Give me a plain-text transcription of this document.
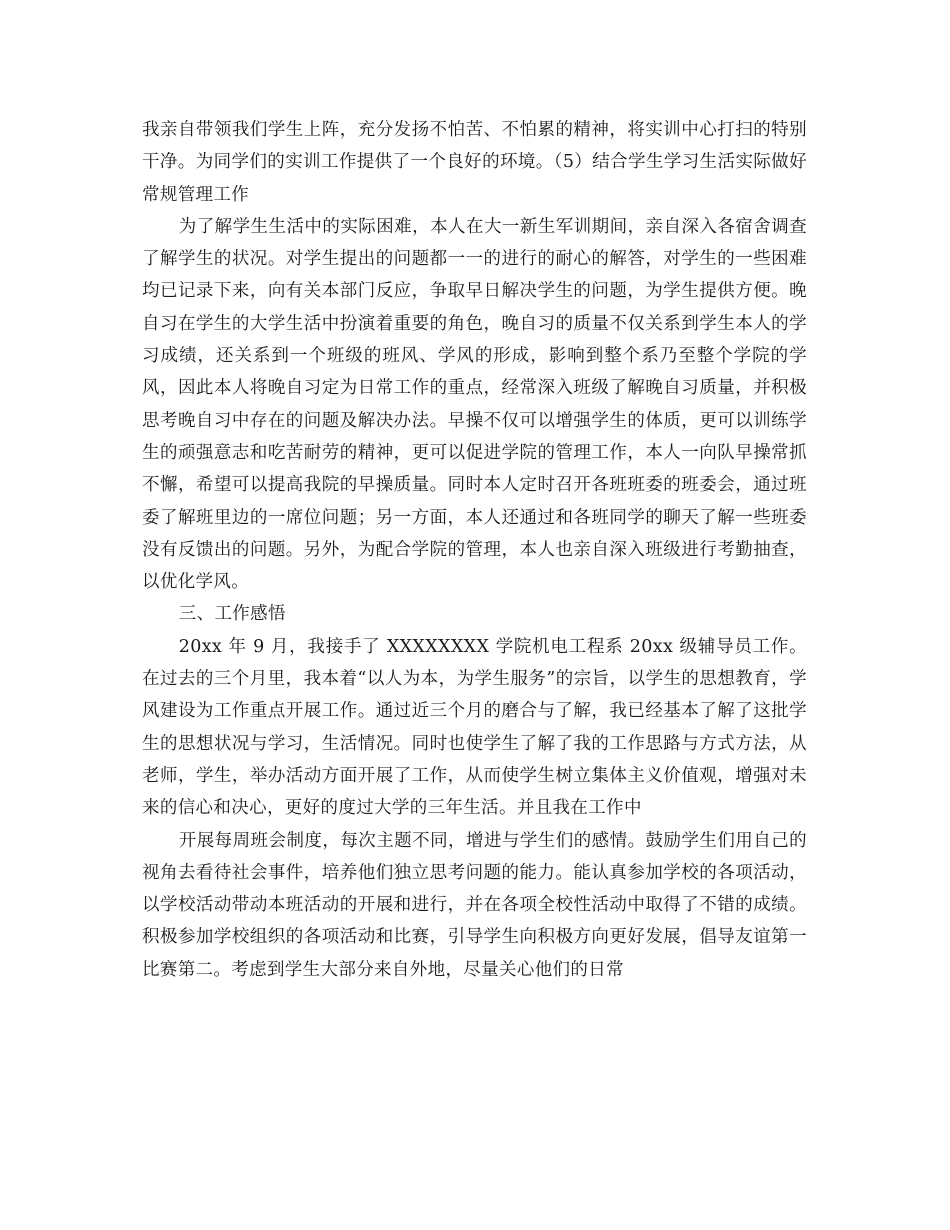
我亲自带领我们学生上阵，充分发扬不怕苦、不怕累的精神，将实训中心打扫的特别干净。为同学们的实训工作提供了一个良好的环境。（5）结合学生学习生活实际做好常规管理工作

为了解学生生活中的实际困难，本人在大一新生军训期间，亲自深入各宿舍调查了解学生的状况。对学生提出的问题都一一的进行的耐心的解答，对学生的一些困难均已记录下来，向有关本部门反应，争取早日解决学生的问题，为学生提供方便。晚自习在学生的大学生活中扮演着重要的角色，晚自习的质量不仅关系到学生本人的学习成绩，还关系到一个班级的班风、学风的形成，影响到整个系乃至整个学院的学风，因此本人将晚自习定为日常工作的重点，经常深入班级了解晚自习质量，并积极思考晚自习中存在的问题及解决办法。早操不仅可以增强学生的体质，更可以训练学生的顽强意志和吃苦耐劳的精神，更可以促进学院的管理工作，本人一向队早操常抓不懈，希望可以提高我院的早操质量。同时本人定时召开各班班委的班委会，通过班委了解班里边的一席位问题；另一方面，本人还通过和各班同学的聊天了解一些班委没有反馈出的问题。另外，为配合学院的管理，本人也亲自深入班级进行考勤抽查，以优化学风。

三、工作感悟

20xx 年 9 月，我接手了 XXXXXXXX 学院机电工程系 20xx 级辅导员工作。在过去的三个月里，我本着“以人为本，为学生服务”的宗旨，以学生的思想教育，学风建设为工作重点开展工作。通过近三个月的磨合与了解，我已经基本了解了这批学生的思想状况与学习，生活情况。同时也使学生了解了我的工作思路与方式方法，从老师，学生，举办活动方面开展了工作，从而使学生树立集体主义价值观，增强对未来的信心和决心，更好的度过大学的三年生活。并且我在工作中

开展每周班会制度，每次主题不同，增进与学生们的感情。鼓励学生们用自己的视角去看待社会事件，培养他们独立思考问题的能力。能认真参加学校的各项活动，以学校活动带动本班活动的开展和进行，并在各项全校性活动中取得了不错的成绩。积极参加学校组织的各项活动和比赛，引导学生向积极方向更好发展，倡导友谊第一比赛第二。考虑到学生大部分来自外地，尽量关心他们的日常
